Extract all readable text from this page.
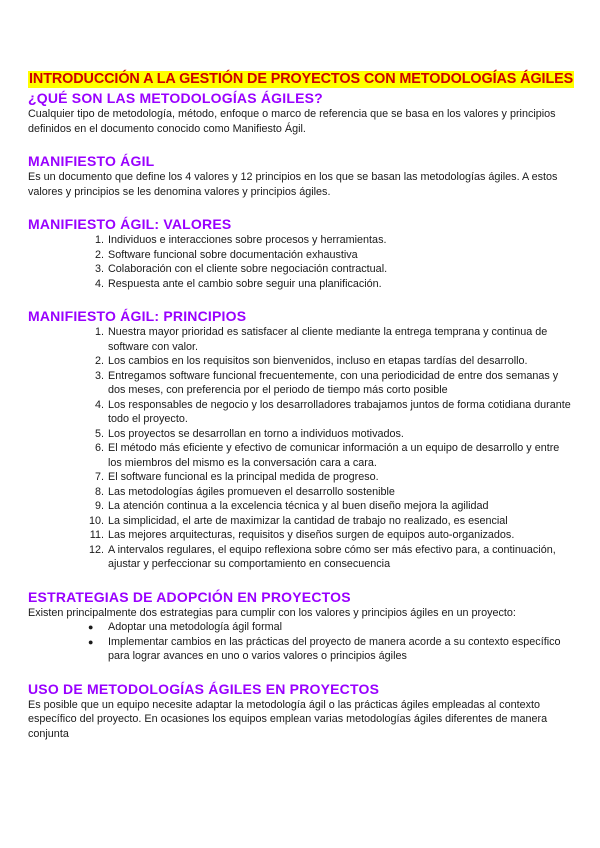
INTRODUCCIÓN A LA GESTIÓN DE PROYECTOS CON METODOLOGÍAS ÁGILES
¿QUÉ SON LAS METODOLOGÍAS ÁGILES?

Cualquier tipo de metodología, método, enfoque o marco de referencia que se basa en los valores y principios definidos en el documento conocido como Manifiesto Ágil.

MANIFIESTO ÁGIL

Es un documento que define los 4 valores y 12 principios en los que se basan las metodologías ágiles. A estos valores y principios se les denomina valores y principios ágiles.

MANIFIESTO ÁGIL: VALORES
1. Individuos e interacciones sobre procesos y herramientas.
2. Software funcional sobre documentación exhaustiva
3. Colaboración con el cliente sobre negociación contractual.
4. Respuesta ante el cambio sobre seguir una planificación.
MANIFIESTO ÁGIL: PRINCIPIOS
1. Nuestra mayor prioridad es satisfacer al cliente mediante la entrega temprana y continua de software con valor.
2. Los cambios en los requisitos son bienvenidos, incluso en etapas tardías del desarrollo.
3. Entregamos software funcional frecuentemente, con una periodicidad de entre dos semanas y dos meses, con preferencia por el periodo de tiempo más corto posible
4. Los responsables de negocio y los desarrolladores trabajamos juntos de forma cotidiana durante todo el proyecto.
5. Los proyectos se desarrollan en torno a individuos motivados.
6. El método más eficiente y efectivo de comunicar información a un equipo de desarrollo y entre los miembros del mismo es la conversación cara a cara.
7. El software funcional es la principal medida de progreso.
8. Las metodologías ágiles promueven el desarrollo sostenible
9. La atención continua a la excelencia técnica y al buen diseño mejora la agilidad
10. La simplicidad, el arte de maximizar la cantidad de trabajo no realizado, es esencial
11. Las mejores arquitecturas, requisitos y diseños surgen de equipos auto-organizados.
12. A intervalos regulares, el equipo reflexiona sobre cómo ser más efectivo para, a continuación, ajustar y perfeccionar su comportamiento en consecuencia
ESTRATEGIAS DE ADOPCIÓN EN PROYECTOS

Existen principalmente dos estrategias para cumplir con los valores y principios ágiles en un proyecto:

● Adoptar una metodología ágil formal
● Implementar cambios en las prácticas del proyecto de manera acorde a su contexto específico para lograr avances en uno o varios valores o principios ágiles
USO DE METODOLOGÍAS ÁGILES EN PROYECTOS

Es posible que un equipo necesite adaptar la metodología ágil o las prácticas ágiles empleadas al contexto específico del proyecto. En ocasiones los equipos emplean varias metodologías ágiles diferentes de manera conjunta
